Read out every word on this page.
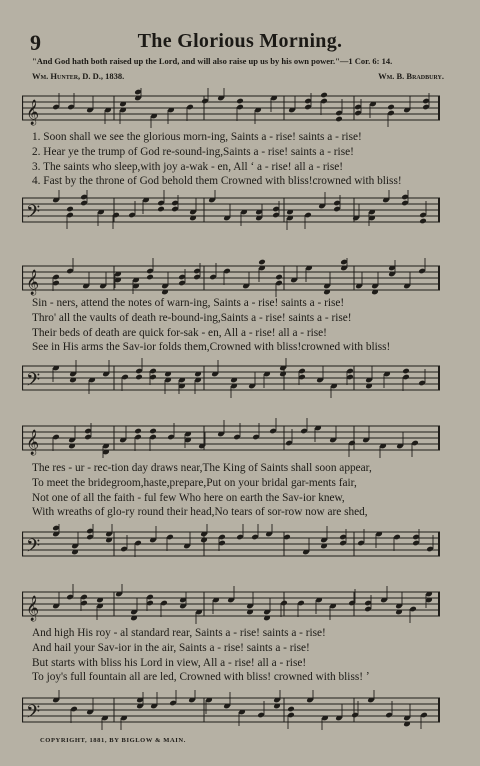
9	The Glorious Morning.
"And God hath both raised up the Lord, and will also raise up us by his own power."—1 Cor. 6: 14.
Wm. Hunter, D. D., 1838.	Wm. B. Bradbury.
𝄞
1. Soon shall we see the glorious morn-ing, Saints a - rise! saints a - rise!
2. Hear ye the trump of God re-sound-ing,Saints a - rise! saints a - rise!
3. The saints who sleep,with joy a-wak - en, All ʻ a - rise! all a - rise!
4. Fast by the throne of God behold them Crowned with bliss!crowned with bliss!
𝄢
𝄞
Sin - ners, attend the notes of warn-ing, Saints a - rise! saints a - rise!
Thro' all the vaults of death re-bound-ing,Saints a - rise! saints a - rise!
Their beds of death are quick for-sak - en, All a - rise! all a - rise!
See in His arms the Sav-ior folds them,Crowned with bliss!crowned with bliss!
𝄢
𝄞
The res - ur - rec-tion day draws near,The King of Saints shall soon appear,
To meet the bridegroom,haste,prepare,Put on your bridal gar-ments fair,
Not one of all the faith - ful few Who here on earth the Sav-ior knew,
With wreaths of glo-ry round their head,No tears of sor-row now are shed,
𝄢
𝄞
And high His roy - al standard rear, Saints a - rise! saints a - rise!
And hail your Sav-ior in the air, Saints a - rise! saints a - rise!
But starts with bliss his Lord in view, All a - rise! all a - rise!
To joy's full fountain all are led, Crowned with bliss! crowned with bliss! ʼ
𝄢
COPYRIGHT, 1881, BY BIGLOW & MAIN.
